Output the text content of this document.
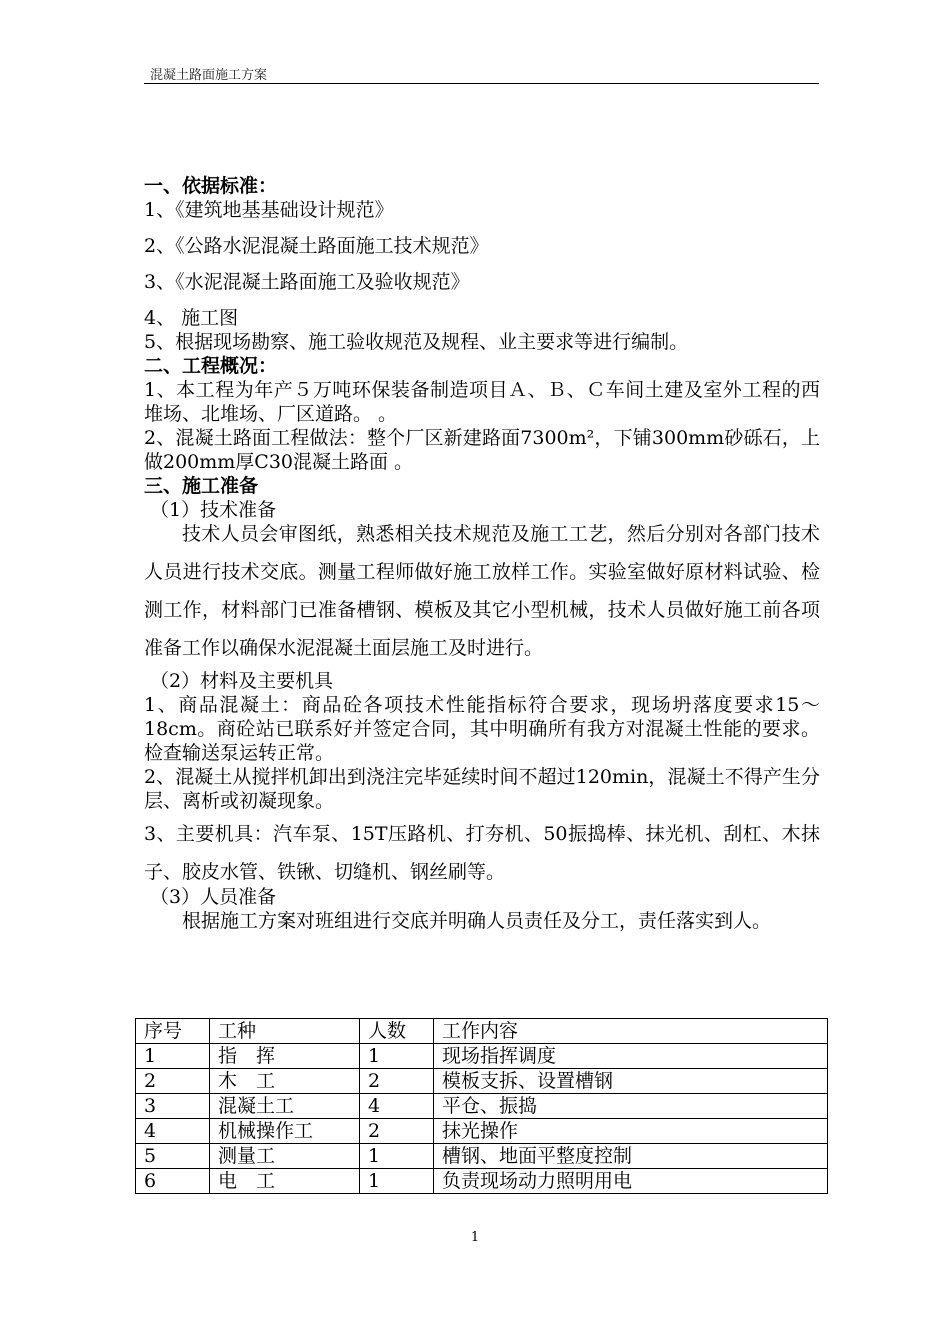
混凝土路面施工方案
一、依据标准：
1、《建筑地基基础设计规范》
2、《公路水泥混凝土路面施工技术规范》
3、《水泥混凝土路面施工及验收规范》
4、 施工图
5、根据现场勘察、施工验收规范及规程、业主要求等进行编制。
二、工程概况：
1、本工程为年产５万吨环保装备制造项目Ａ、Ｂ、Ｃ车间土建及室外工程的西堆场、北堆场、厂区道路。 。
2、混凝土路面工程做法：整个厂区新建路面7300m²，下铺300mm砂砾石，上做200mm厚C30混凝土路面 。
三、施工准备
（1）技术准备
技术人员会审图纸，熟悉相关技术规范及施工工艺，然后分别对各部门技术人员进行技术交底。测量工程师做好施工放样工作。实验室做好原材料试验、检测工作，材料部门已准备槽钢、模板及其它小型机械，技术人员做好施工前各项准备工作以确保水泥混凝土面层施工及时进行。
（2）材料及主要机具
1、商品混凝土：商品砼各项技术性能指标符合要求，现场坍落度要求15～18cm。商砼站已联系好并签定合同，其中明确所有我方对混凝土性能的要求。检查输送泵运转正常。
2、混凝土从搅拌机卸出到浇注完毕延续时间不超过120min，混凝土不得产生分层、离析或初凝现象。
3、主要机具：汽车泵、15T压路机、打夯机、50振捣棒、抹光机、刮杠、木抹子、胶皮水管、铁锹、切缝机、钢丝刷等。
（3）人员准备
根据施工方案对班组进行交底并明确人员责任及分工，责任落实到人。
序号	工种	人数	工作内容
1	指　挥	1	现场指挥调度
2	木　工	2	模板支拆、设置槽钢
3	混凝土工	4	平仓、振捣
4	机械操作工	2	抹光操作
5	测量工	1	槽钢、地面平整度控制
6	电　工	1	负责现场动力照明用电
1
